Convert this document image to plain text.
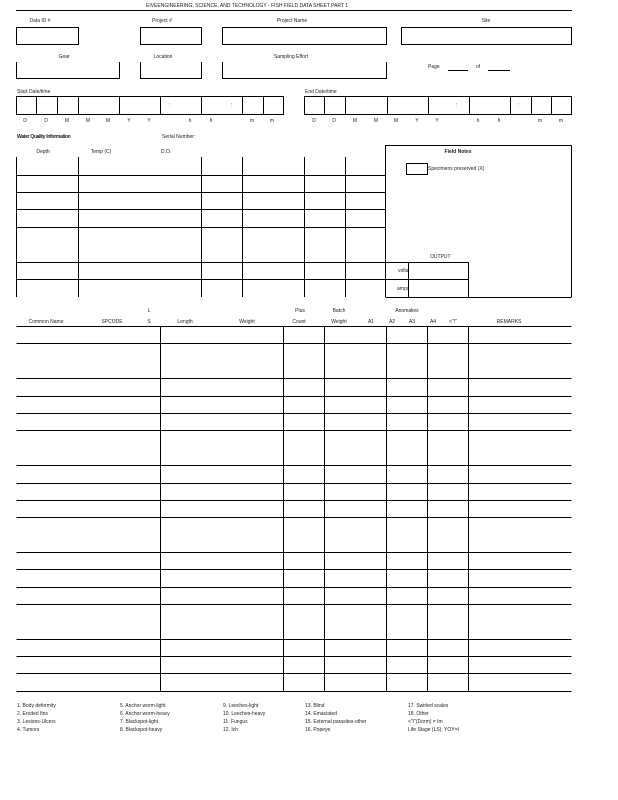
EIVEENGINEERING, SCIENCE, AND TECHNOLOGY - FISH FIELD DATA SHEET PART 1
Data ID #	Project #	Project Name	Site
Gear	Location	Sampling Effort
Page	of
Start Date/time	End Date/time
:	:	:	:
D	D	M	M	M	Y	Y	h	h	m	m	D	D	M	M	M	Y	Y	h	h	m	m
Water Quality Information	Serial Number:
Depth	Temp (C)	D.O.	Field Notes
Specimens preserved (X)
OUTPUT
volts
amps
L	Plus	Batch	Anomalies
Common Name	SPCODE	S	Length	Weight	Count	Weight	A1	A2	A3	A4	<"/"	REMARKS
1. Body deformity
2. Eroded fins
3. Lesions-Ulcers
4. Tumors
5. Anchor worm-light
6. Anchor worm-heavy
7. Blackspot-light
8. Blackspot-heavy
9. Leeches-light
10. Leeches-heavy
11. Fungus
12. Ich
13. Blind
14. Emaciated
15. External parasites-other
16. Popeye
17. Swirled scales
18. Other
<"/"(Dorm) = Im
Life Stage (LS): YOY=I
